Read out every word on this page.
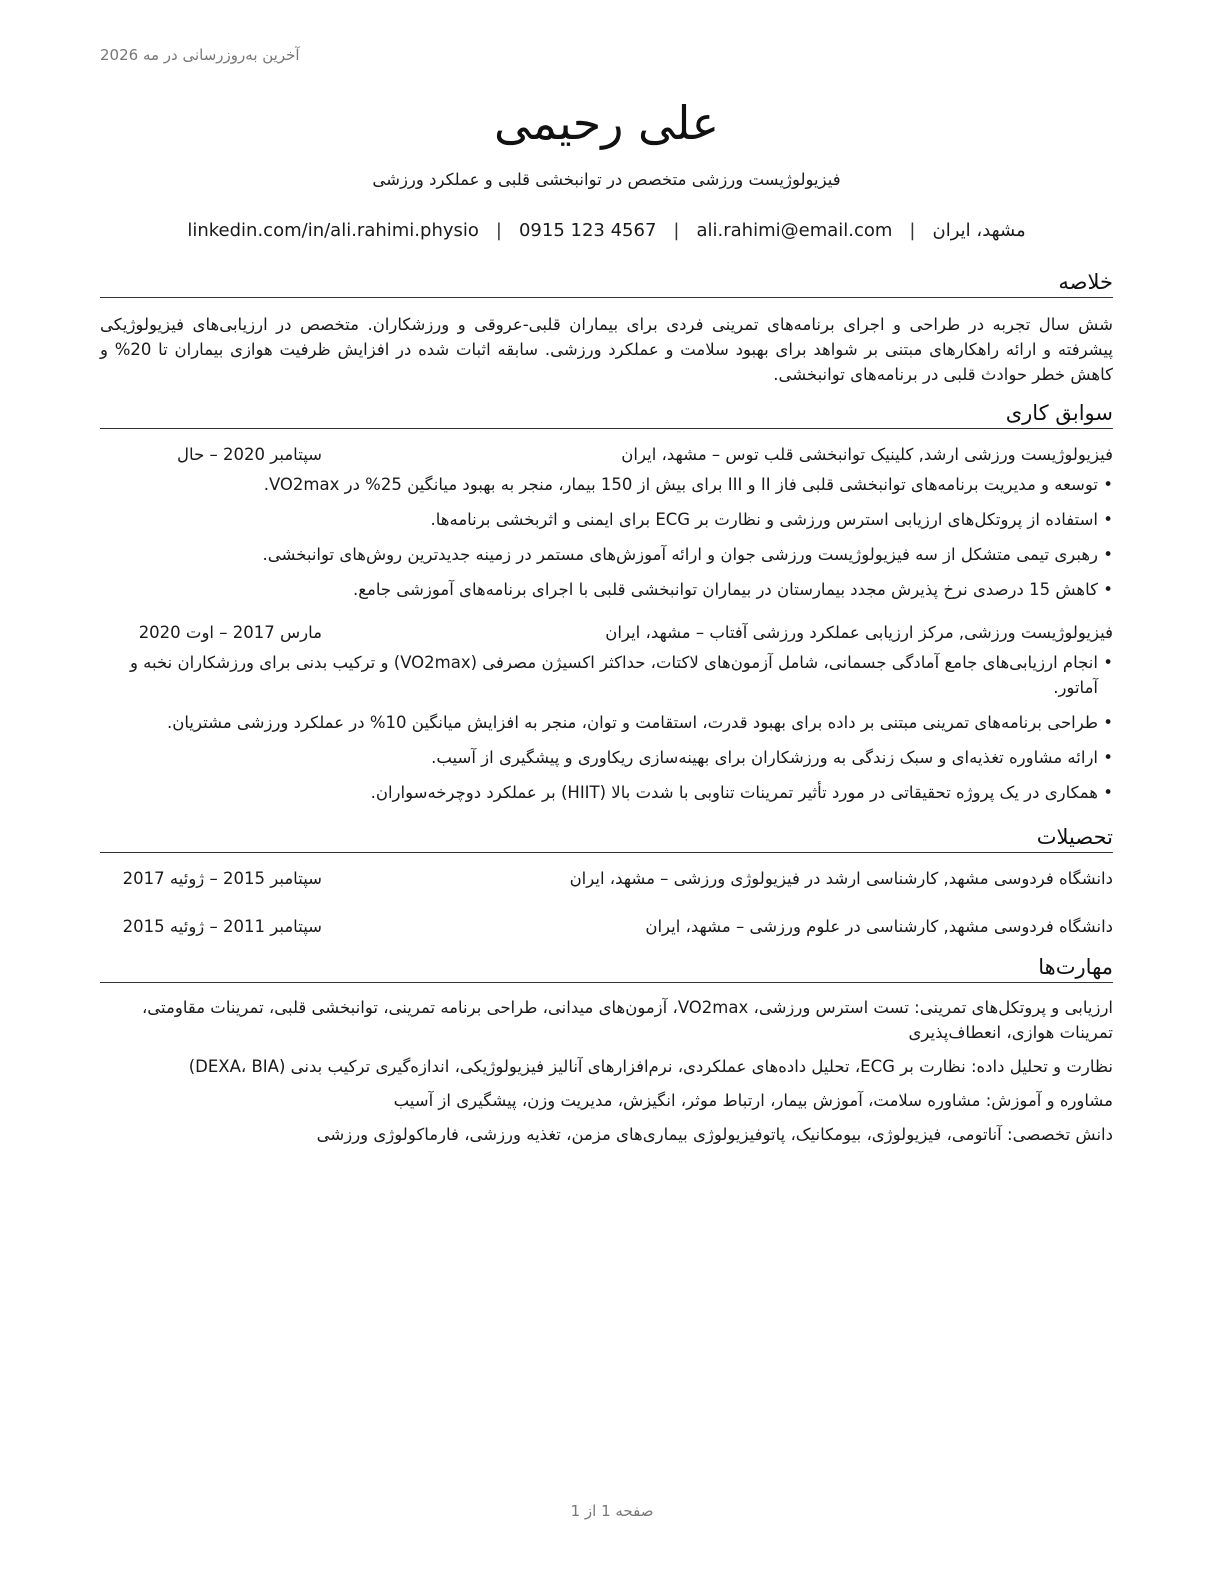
آخرین به‌روزرسانی در مه 2026
علی رحیمی
فیزیولوژیست ورزشی متخصص در توانبخشی قلبی و عملکرد ورزشی
مشهد، ایران
|
ali.rahimi@email.com
|
0915 123 4567
|
linkedin.com/in/ali.rahimi.physio
خلاصه

شش سال تجربه در طراحی و اجرای برنامه‌های تمرینی فردی برای بیماران قلبی-عروقی و ورزشکاران. متخصص در ارزیابی‌های فیزیولوژیکی پیشرفته و ارائه راهکارهای مبتنی بر شواهد برای بهبود سلامت و عملکرد ورزشی. سابقه اثبات شده در افزایش ظرفیت هوازی بیماران تا 20% و کاهش خطر حوادث قلبی در برنامه‌های توانبخشی.

سوابق کاری
فیزیولوژیست ورزشی ارشد, کلینیک توانبخشی قلب توس – مشهد، ایران
سپتامبر 2020 – حال
• توسعه و مدیریت برنامه‌های توانبخشی قلبی فاز II و III برای بیش از 150 بیمار، منجر به بهبود میانگین 25% در VO2max.
• استفاده از پروتکل‌های ارزیابی استرس ورزشی و نظارت بر ECG برای ایمنی و اثربخشی برنامه‌ها.
• رهبری تیمی متشکل از سه فیزیولوژیست ورزشی جوان و ارائه آموزش‌های مستمر در زمینه جدیدترین روش‌های توانبخشی.
• کاهش 15 درصدی نرخ پذیرش مجدد بیمارستان در بیماران توانبخشی قلبی با اجرای برنامه‌های آموزشی جامع.
فیزیولوژیست ورزشی, مرکز ارزیابی عملکرد ورزشی آفتاب – مشهد، ایران
مارس 2017 – اوت 2020
• انجام ارزیابی‌های جامع آمادگی جسمانی، شامل آزمون‌های لاکتات، حداکثر اکسیژن مصرفی (VO2max) و ترکیب بدنی برای ورزشکاران نخبه و آماتور.
• طراحی برنامه‌های تمرینی مبتنی بر داده برای بهبود قدرت، استقامت و توان، منجر به افزایش میانگین 10% در عملکرد ورزشی مشتریان.
• ارائه مشاوره تغذیه‌ای و سبک زندگی به ورزشکاران برای بهینه‌سازی ریکاوری و پیشگیری از آسیب.
• همکاری در یک پروژه تحقیقاتی در مورد تأثیر تمرینات تناوبی با شدت بالا (HIIT) بر عملکرد دوچرخه‌سواران.
تحصیلات
دانشگاه فردوسی مشهد, کارشناسی ارشد در فیزیولوژی ورزشی – مشهد، ایران
سپتامبر 2015 – ژوئیه 2017
دانشگاه فردوسی مشهد, کارشناسی در علوم ورزشی – مشهد، ایران
سپتامبر 2011 – ژوئیه 2015
مهارت‌ها

ارزیابی و پروتکل‌های تمرینی: تست استرس ورزشی، VO2max، آزمون‌های میدانی، طراحی برنامه تمرینی، توانبخشی قلبی، تمرینات مقاومتی، تمرینات هوازی، انعطاف‌پذیری

نظارت و تحلیل داده: نظارت بر ECG، تحلیل داده‌های عملکردی، نرم‌افزارهای آنالیز فیزیولوژیکی، اندازه‌گیری ترکیب بدنی (DEXA، BIA)

مشاوره و آموزش: مشاوره سلامت، آموزش بیمار، ارتباط موثر، انگیزش، مدیریت وزن، پیشگیری از آسیب

دانش تخصصی: آناتومی، فیزیولوژی، بیومکانیک، پاتوفیزیولوژی بیماری‌های مزمن، تغذیه ورزشی، فارماکولوژی ورزشی

صفحه 1 از 1
